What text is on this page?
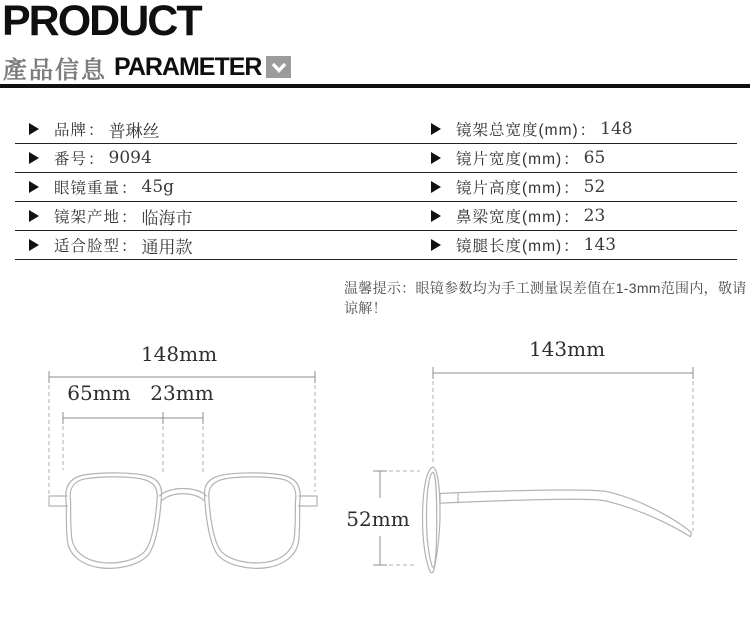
PRODUCT
產品信息 PARAMETER
品牌 ： 普琳丝	镜架总宽度(mm) ： 148
番号 ： 9094	镜片宽度(mm) ： 65
眼镜重量 ： 45g	镜片高度(mm) ： 52
镜架产地 ： 临海市	鼻梁宽度(mm) ： 23
适合脸型 ： 通用款	镜腿长度(mm) ： 143
温馨提示：眼镜参数均为手工测量误差值在1-3mm范围内，敬请谅解！
148mm
65mm 23mm
143mm
52mm
